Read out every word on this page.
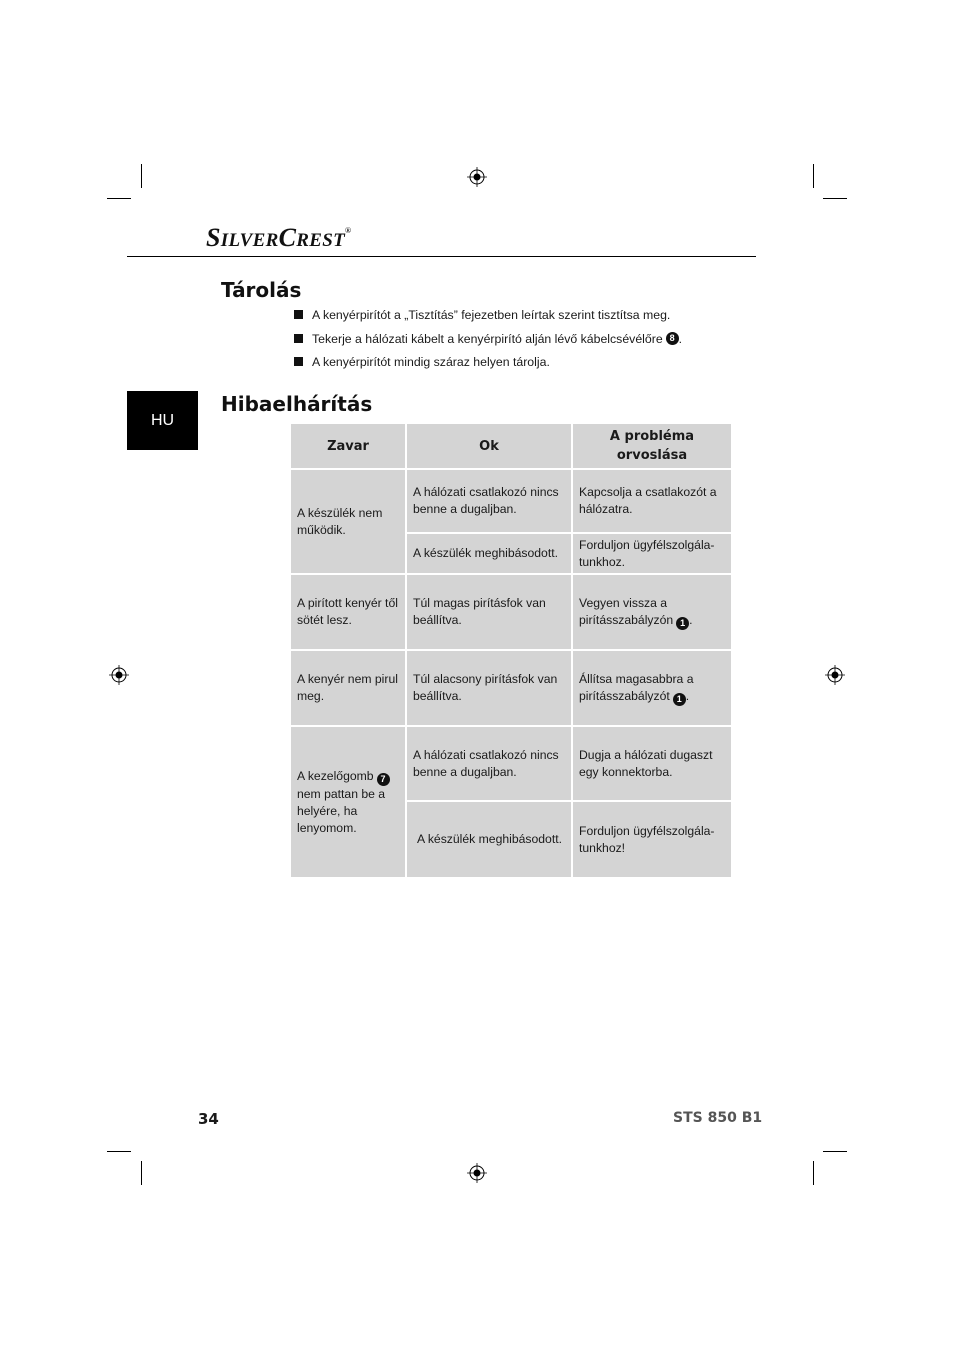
SILVERCREST®
HU
Tárolás
A kenyérpirítót a „Tisztítás” fejezetben leírtak szerint tisztítsa meg.
Tekerje a hálózati kábelt a kenyérpirító alján lévő kábelcsévélőre 8 .
A kenyérpirítót mindig száraz helyen tárolja.
Hibaelhárítás
Zavar	Ok
A probléma orvoslása
A készülék nem működik.
A hálózati csatlakozó nincs benne a dugaljban.
Kapcsolja a csatlakozót a hálózatra.
A készülék meghibásodott.
Forduljon ügyfélszolgála-tunkhoz.
A pirított kenyér től sötét lesz.
Túl magas pirításfok van beállítva.
Vegyen vissza a pirításszabályzón 1 .
A kenyér nem pirul meg.
Túl alacsony pirításfok van beállítva.
Állítsa magasabbra a pirításszabályzót 1 .
A kezelőgomb 7 nem pattan be a helyére, ha lenyomom.
A hálózati csatlakozó nincs benne a dugaljban.
Dugja a hálózati dugaszt egy konnektorba.
A készülék meghibásodott.
Forduljon ügyfélszolgála-tunkhoz!
34	STS 850 B1
